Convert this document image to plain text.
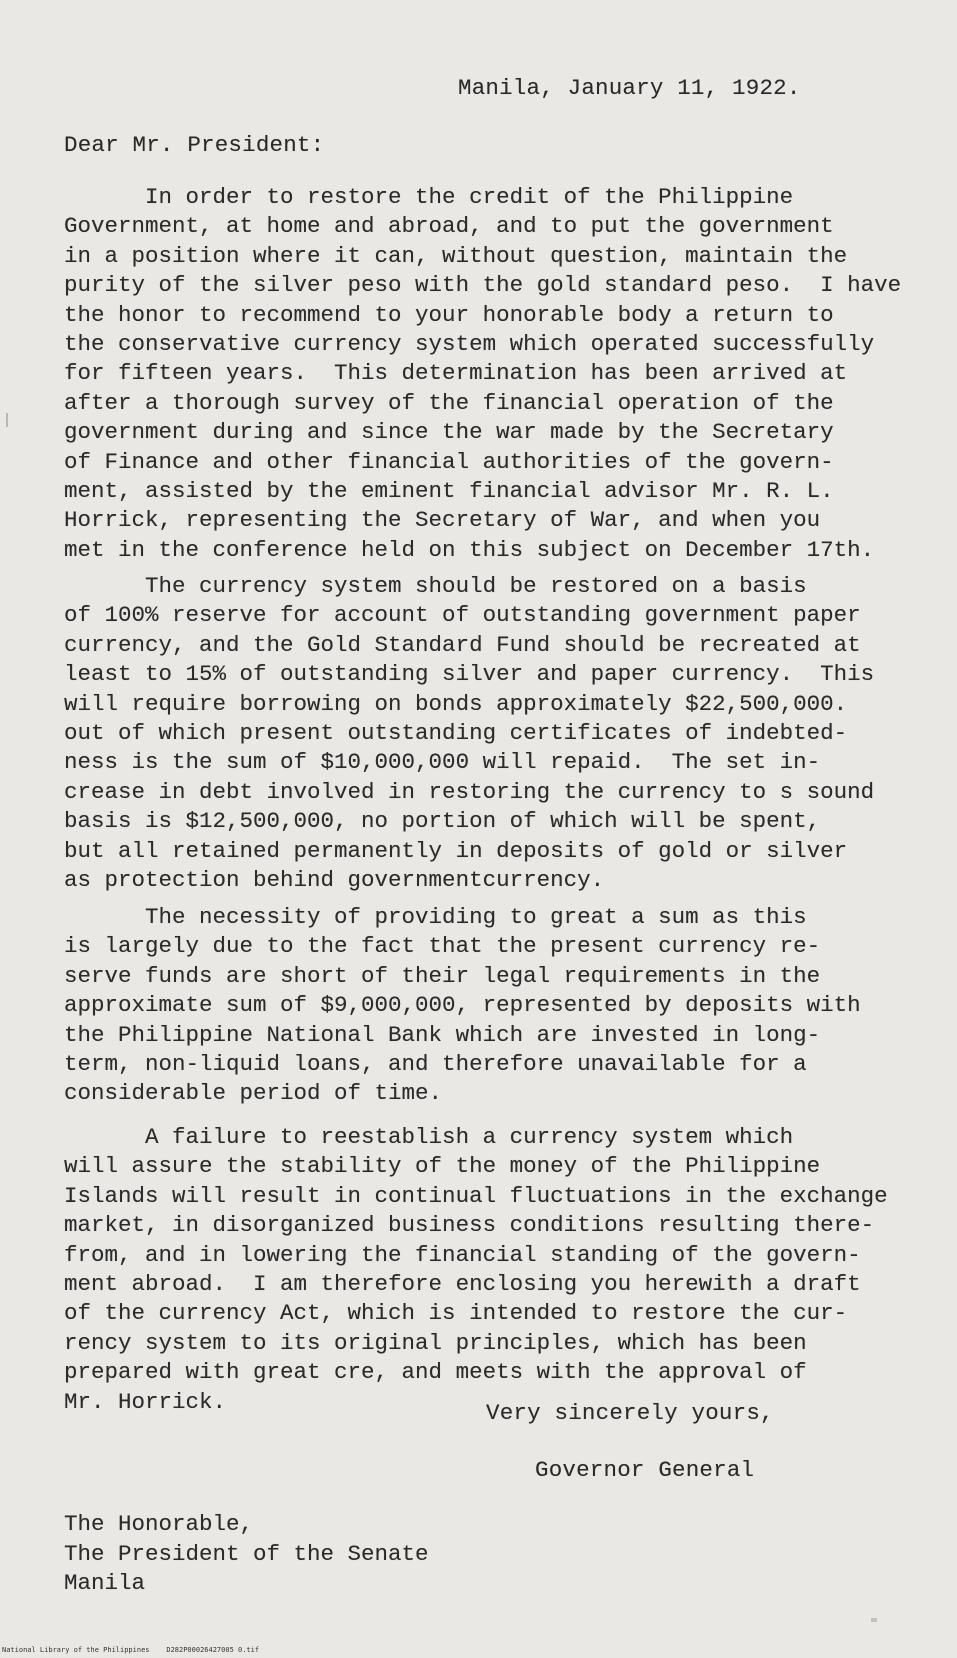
Manila, January 11, 1922.
Dear Mr. President:
In order to restore the credit of the Philippine
Government, at home and abroad, and to put the government
in a position where it can, without question, maintain the
purity of the silver peso with the gold standard peso.  I have
the honor to recommend to your honorable body a return to
the conservative currency system which operated successfully
for fifteen years.  This determination has been arrived at
after a thorough survey of the financial operation of the
government during and since the war made by the Secretary
of Finance and other financial authorities of the govern-
ment, assisted by the eminent financial advisor Mr. R. L.
Horrick, representing the Secretary of War, and when you
met in the conference held on this subject on December 17th.
The currency system should be restored on a basis
of 100% reserve for account of outstanding government paper
currency, and the Gold Standard Fund should be recreated at
least to 15% of outstanding silver and paper currency.  This
will require borrowing on bonds approximately $22,500,000.
out of which present outstanding certificates of indebted-
ness is the sum of $10,000,000 will repaid.  The set in-
crease in debt involved in restoring the currency to s sound
basis is $12,500,000, no portion of which will be spent,
but all retained permanently in deposits of gold or silver
as protection behind governmentcurrency.
The necessity of providing to great a sum as this
is largely due to the fact that the present currency re-
serve funds are short of their legal requirements in the
approximate sum of $9,000,000, represented by deposits with
the Philippine National Bank which are invested in long-
term, non-liquid loans, and therefore unavailable for a
considerable period of time.
A failure to reestablish a currency system which
will assure the stability of the money of the Philippine
Islands will result in continual fluctuations in the exchange
market, in disorganized business conditions resulting there-
from, and in lowering the financial standing of the govern-
ment abroad.  I am therefore enclosing you herewith a draft
of the currency Act, which is intended to restore the cur-
rency system to its original principles, which has been
prepared with great cre, and meets with the approval of
Mr. Horrick.	Very sincerely yours,
Governor General
The Honorable,
The President of the Senate
Manila
National Library of the Philippines    D282P00026427005 0.tif
